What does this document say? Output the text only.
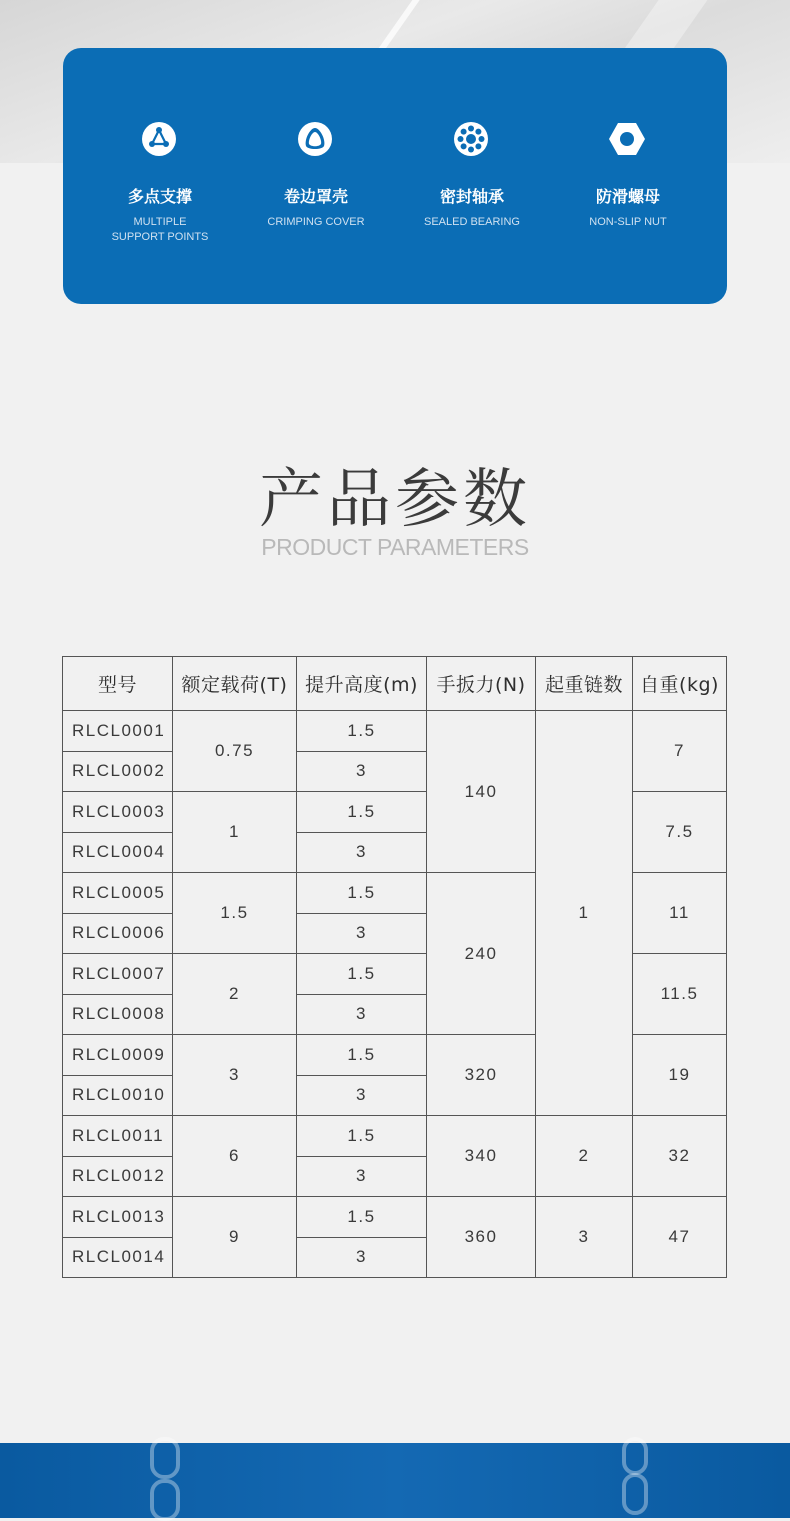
多点支撑
MULTIPLE
SUPPORT POINTS
卷边罩壳
CRIMPING COVER
密封轴承
SEALED BEARING
防滑螺母
NON-SLIP NUT
产品参数
PRODUCT PARAMETERS
型号	额定载荷(T)	提升高度(m)	手扳力(N)	起重链数	自重(kg)
RLCL0001	0.75	1.5	140	1	7
RLCL0002		3			
RLCL0003	1	1.5			7.5
RLCL0004		3			
RLCL0005	1.5	1.5	240		11
RLCL0006		3			
RLCL0007	2	1.5			11.5
RLCL0008		3			
RLCL0009	3	1.5	320		19
RLCL0010		3			
RLCL0011	6	1.5	340	2	32
RLCL0012		3			
RLCL0013	9	1.5	360	3	47
RLCL0014		3			
